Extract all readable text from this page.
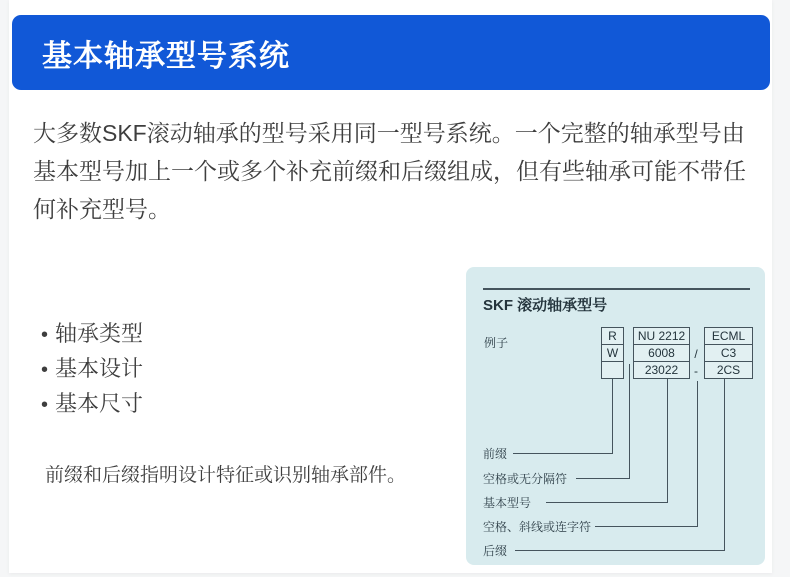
基本轴承型号系统

大多数SKF滚动轴承的型号采用同一型号系统。一个完整的轴承型号由基本型号加上一个或多个补充前缀和后缀组成，但有些轴承可能不带任何补充型号。

• 轴承类型
• 基本设计
• 基本尺寸

前缀和后缀指明设计特征或识别轴承部件。

SKF 滚动轴承型号
例子	R
W
NU 2212
6008
23022
ECML
C3
2CS
/
-
前缀
空格或无分隔符
基本型号
空格、斜线或连字符
后缀
